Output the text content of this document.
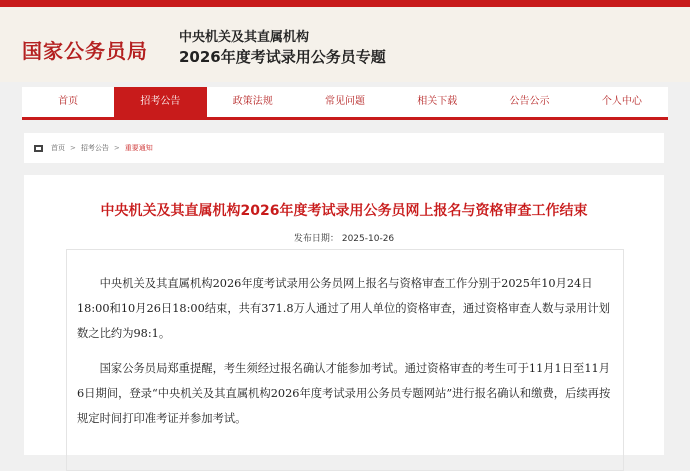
国家公务员局
中央机关及其直属机构
2026年度考试录用公务员专题
首页	招考公告	政策法规	常见问题	相关下载	公告公示	个人中心
首页 > 招考公告 > 重要通知
中央机关及其直属机构2026年度考试录用公务员网上报名与资格审查工作结束
发布日期： 2025-10-26

中央机关及其直属机构2026年度考试录用公务员网上报名与资格审查工作分别于2025年10月24日18:00和10月26日18:00结束，共有371.8万人通过了用人单位的资格审查，通过资格审查人数与录用计划数之比约为98:1。

国家公务员局郑重提醒，考生须经过报名确认才能参加考试。通过资格审查的考生可于11月1日至11月6日期间，登录“中央机关及其直属机构2026年度考试录用公务员专题网站”进行报名确认和缴费，后续再按规定时间打印准考证并参加考试。
